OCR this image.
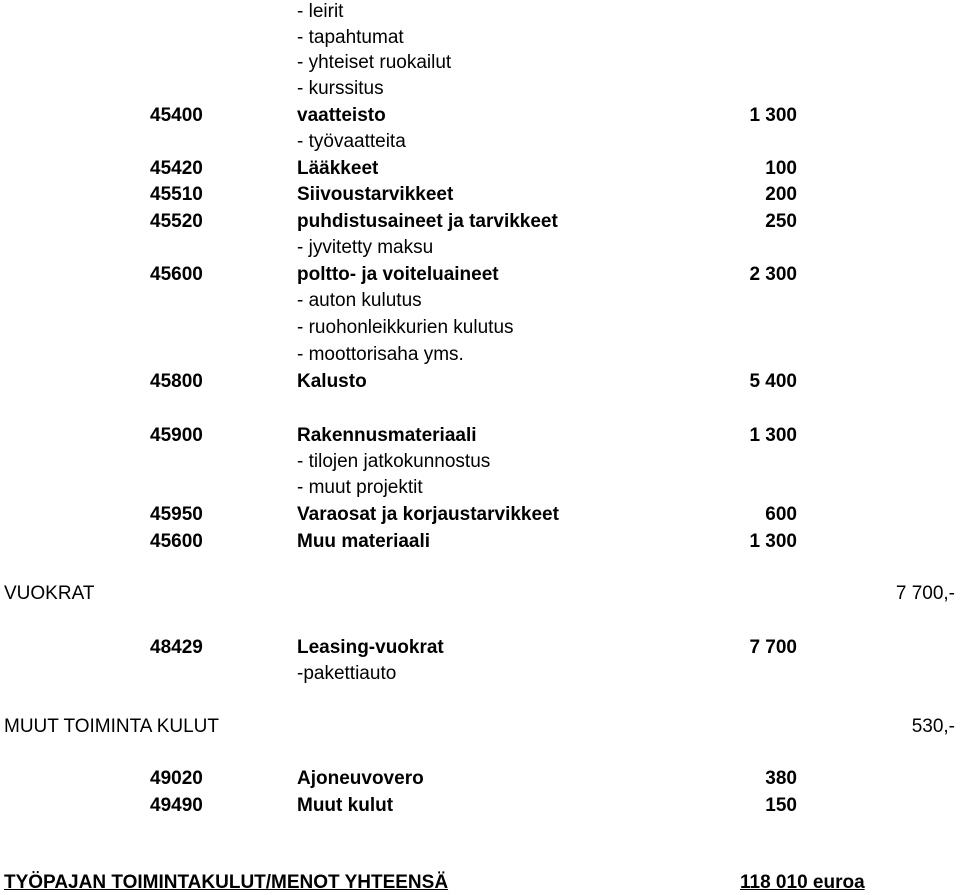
- leirit
- tapahtumat
- yhteiset ruokailut
- kurssitus
45400	vaatteisto	1 300
- työvaatteita
45420	Lääkkeet	100
45510	Siivoustarvikkeet	200
45520	puhdistusaineet ja tarvikkeet	250
- jyvitetty maksu
45600	poltto- ja voiteluaineet	2 300
- auton kulutus
- ruohonleikkurien kulutus
- moottorisaha yms.
45800	Kalusto	5 400
45900	Rakennusmateriaali	1 300
- tilojen jatkokunnostus
- muut projektit
45950	Varaosat ja korjaustarvikkeet	600
45600	Muu materiaali	1 300
VUOKRAT	7 700,-
48429	Leasing-vuokrat	7 700
-pakettiauto
MUUT TOIMINTA KULUT	530,-
49020	Ajoneuvovero	380
49490	Muut kulut	150
TYÖPAJAN TOIMINTAKULUT/MENOT YHTEENSÄ	118 010 euroa
